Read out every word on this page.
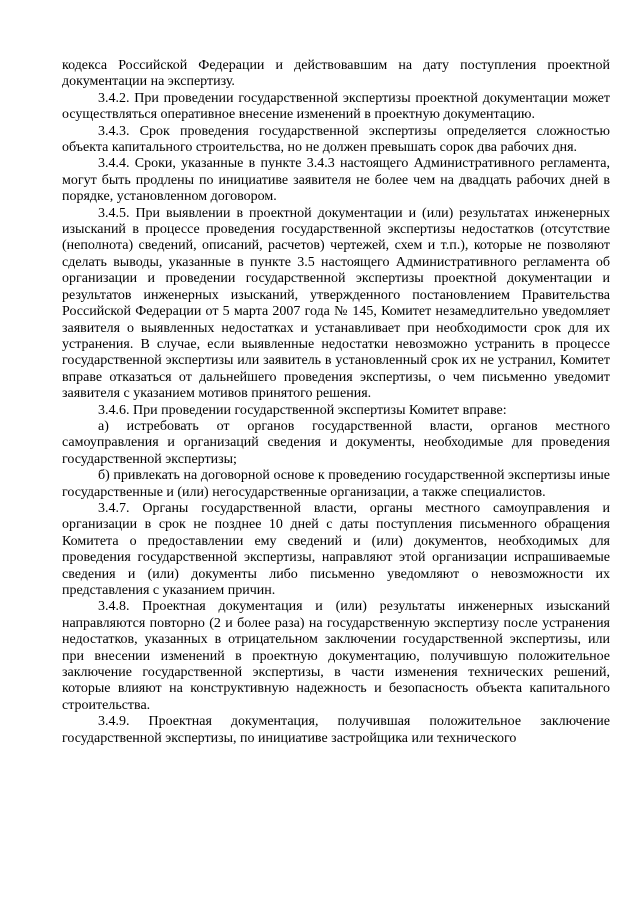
кодекса Российской Федерации и действовавшим на дату поступления проектной документации на экспертизу.

3.4.2. При проведении государственной экспертизы проектной документации может осуществляться оперативное внесение изменений в проектную документацию.

3.4.3. Срок проведения государственной экспертизы определяется сложностью объекта капитального строительства, но не должен превышать сорок два рабочих дня.

3.4.4. Сроки, указанные в пункте 3.4.3 настоящего Административного регламента, могут быть продлены по инициативе заявителя не более чем на двадцать рабочих дней в порядке, установленном договором.

3.4.5. При выявлении в проектной документации и (или) результатах инженерных изысканий в процессе проведения государственной экспертизы недостатков (отсутствие (неполнота) сведений, описаний, расчетов) чертежей, схем и т.п.), которые не позволяют сделать выводы, указанные в пункте 3.5 настоящего Административного регламента об организации и проведении государственной экспертизы проектной документации и результатов инженерных изысканий, утвержденного постановлением Правительства Российской Федерации от 5 марта 2007 года № 145, Комитет незамедлительно уведомляет заявителя о выявленных недостатках и устанавливает при необходимости срок для их устранения. В случае, если выявленные недостатки невозможно устранить в процессе государственной экспертизы или заявитель в установленный срок их не устранил, Комитет вправе отказаться от дальнейшего проведения экспертизы, о чем письменно уведомит заявителя с указанием мотивов принятого решения.

3.4.6. При проведении государственной экспертизы Комитет вправе:

а) истребовать от органов государственной власти, органов местного самоуправления и организаций сведения и документы, необходимые для проведения государственной экспертизы;

б) привлекать на договорной основе к проведению государственной экспертизы иные государственные и (или) негосударственные организации, а также специалистов.

3.4.7. Органы государственной власти, органы местного самоуправления и организации в срок не позднее 10 дней с даты поступления письменного обращения Комитета о предоставлении ему сведений и (или) документов, необходимых для проведения государственной экспертизы, направляют этой организации испрашиваемые сведения и (или) документы либо письменно уведомляют о невозможности их представления с указанием причин.

3.4.8. Проектная документация и (или) результаты инженерных изысканий направляются повторно (2 и более раза) на государственную экспертизу после устранения недостатков, указанных в отрицательном заключении государственной экспертизы, или при внесении изменений в проектную документацию, получившую положительное заключение государственной экспертизы, в части изменения технических решений, которые влияют на конструктивную надежность и безопасность объекта капитального строительства.

3.4.9. Проектная документация, получившая положительное заключение государственной экспертизы, по инициативе застройщика или технического
